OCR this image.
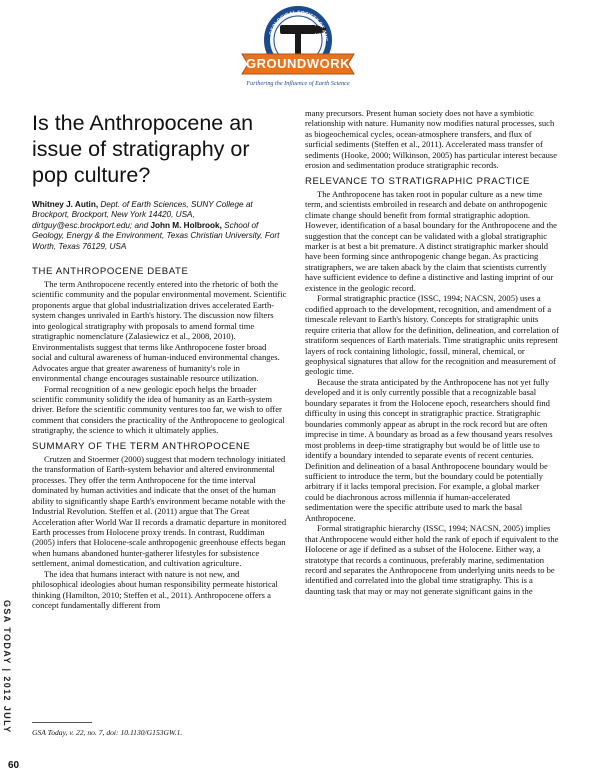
GROUNDWORK
Furthering the Influence of Earth Science
GEOLOGICAL SOCIETY OF AME
GSA TODAY | 2012 JULY
60
Is the Anthropocene an issue of stratigraphy or pop culture?
Whitney J. Autin, Dept. of Earth Sciences, SUNY College at Brockport, Brockport, New York 14420, USA, dirtguy@esc.brockport.edu; and John M. Holbrook, School of Geology, Energy & the Environment, Texas Christian University, Fort Worth, Texas 76129, USA
THE ANTHROPOCENE DEBATE

The term Anthropocene recently entered into the rhetoric of both the scientific community and the popular environmental movement. Scientific proponents argue that global industrialization drives accelerated Earth-system changes unrivaled in Earth's history. The discussion now filters into geological stratigraphy with proposals to amend formal time stratigraphic nomenclature (Zalasiewicz et al., 2008, 2010). Environmentalists suggest that terms like Anthropocene foster broad social and cultural awareness of human-induced environmental changes. Advocates argue that greater awareness of humanity's role in environmental change encourages sustainable resource utilization.

Formal recognition of a new geologic epoch helps the broader scientific community solidify the idea of humanity as an Earth-system driver. Before the scientific community ventures too far, we wish to offer comment that considers the practicality of the Anthropocene to geological stratigraphy, the science to which it ultimately applies.

SUMMARY OF THE TERM ANTHROPOCENE

Crutzen and Stoermer (2000) suggest that modern technology initiated the transformation of Earth-system behavior and altered environmental processes. They offer the term Anthropocene for the time interval dominated by human activities and indicate that the onset of the human ability to significantly shape Earth's environment became notable with the Industrial Revolution. Steffen et al. (2011) argue that The Great Acceleration after World War II records a dramatic departure in monitored Earth processes from Holocene proxy trends. In contrast, Ruddiman (2005) infers that Holocene-scale anthropogenic greenhouse effects began when humans abandoned hunter-gatherer lifestyles for subsistence settlement, animal domestication, and cultivation agriculture.

The idea that humans interact with nature is not new, and philosophical ideologies about human responsibility permeate historical thinking (Hamilton, 2010; Steffen et al., 2011). Anthropocene offers a concept fundamentally different from

GSA Today, v. 22, no. 7, doi: 10.1130/G153GW.1.

many precursors. Present human society does not have a symbiotic relationship with nature. Humanity now modifies natural processes, such as biogeochemical cycles, ocean-atmosphere transfers, and flux of surficial sediments (Steffen et al., 2011). Accelerated mass transfer of sediments (Hooke, 2000; Wilkinson, 2005) has particular interest because erosion and sedimentation produce stratigraphic records.

RELEVANCE TO STRATIGRAPHIC PRACTICE

The Anthropocene has taken root in popular culture as a new time term, and scientists embroiled in research and debate on anthropogenic climate change should benefit from formal stratigraphic adoption. However, identification of a basal boundary for the Anthropocene and the suggestion that the concept can be validated with a global stratigraphic marker is at best a bit premature. A distinct stratigraphic marker should have been forming since anthropogenic change began. As practicing stratigraphers, we are taken aback by the claim that scientists currently have sufficient evidence to define a distinctive and lasting imprint of our existence in the geologic record.

Formal stratigraphic practice (ISSC, 1994; NACSN, 2005) uses a codified approach to the development, recognition, and amendment of a timescale relevant to Earth's history. Concepts for stratigraphic units require criteria that allow for the definition, delineation, and correlation of stratiform sequences of Earth materials. Time stratigraphic units represent layers of rock containing lithologic, fossil, mineral, chemical, or geophysical signatures that allow for the recognition and measurement of geologic time.

Because the strata anticipated by the Anthropocene has not yet fully developed and it is only currently possible that a recognizable basal boundary separates it from the Holocene epoch, researchers should find difficulty in using this concept in stratigraphic practice. Stratigraphic boundaries commonly appear as abrupt in the rock record but are often imprecise in time. A boundary as broad as a few thousand years resolves most problems in deep-time stratigraphy but would be of little use to identify a boundary intended to separate events of recent centuries. Definition and delineation of a basal Anthropocene boundary would be sufficient to introduce the term, but the boundary could be potentially arbitrary if it lacks temporal precision. For example, a global marker could be diachronous across millennia if human-accelerated sedimentation were the specific attribute used to mark the basal Anthropocene.

Formal stratigraphic hierarchy (ISSC, 1994; NACSN, 2005) implies that Anthropocene would either hold the rank of epoch if equivalent to the Holocene or age if defined as a subset of the Holocene. Either way, a stratotype that records a continuous, preferably marine, sedimentation record and separates the Anthropocene from underlying units needs to be identified and correlated into the global time stratigraphy. This is a daunting task that may or may not generate significant gains in the
